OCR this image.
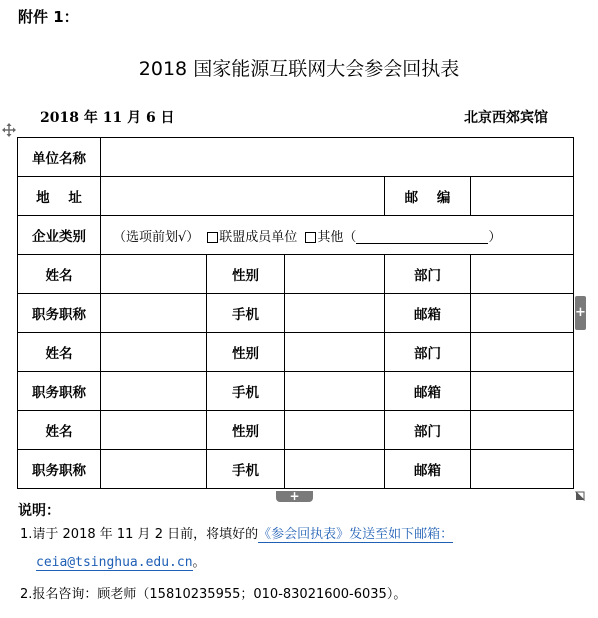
附件 1：
2018 国家能源互联网大会参会回执表
2018 年 11 月 6 日	北京西郊宾馆
单位名称					
地    址				邮    编	
企业类别	（选项前划√） 联盟成员单位 其他（ ）				
姓名		性别		部门	
职务职称		手机		邮箱	
姓名		性别		部门	
职务职称		手机		邮箱	
姓名		性别		部门	
职务职称		手机		邮箱	
+
+
说明：
1.请于 2018 年 11 月 2 日前，将填好的《参会回执表》发送至如下邮箱：
ceia@tsinghua.edu.cn。
2.报名咨询：顾老师（15810235955；010-83021600-6035）。
